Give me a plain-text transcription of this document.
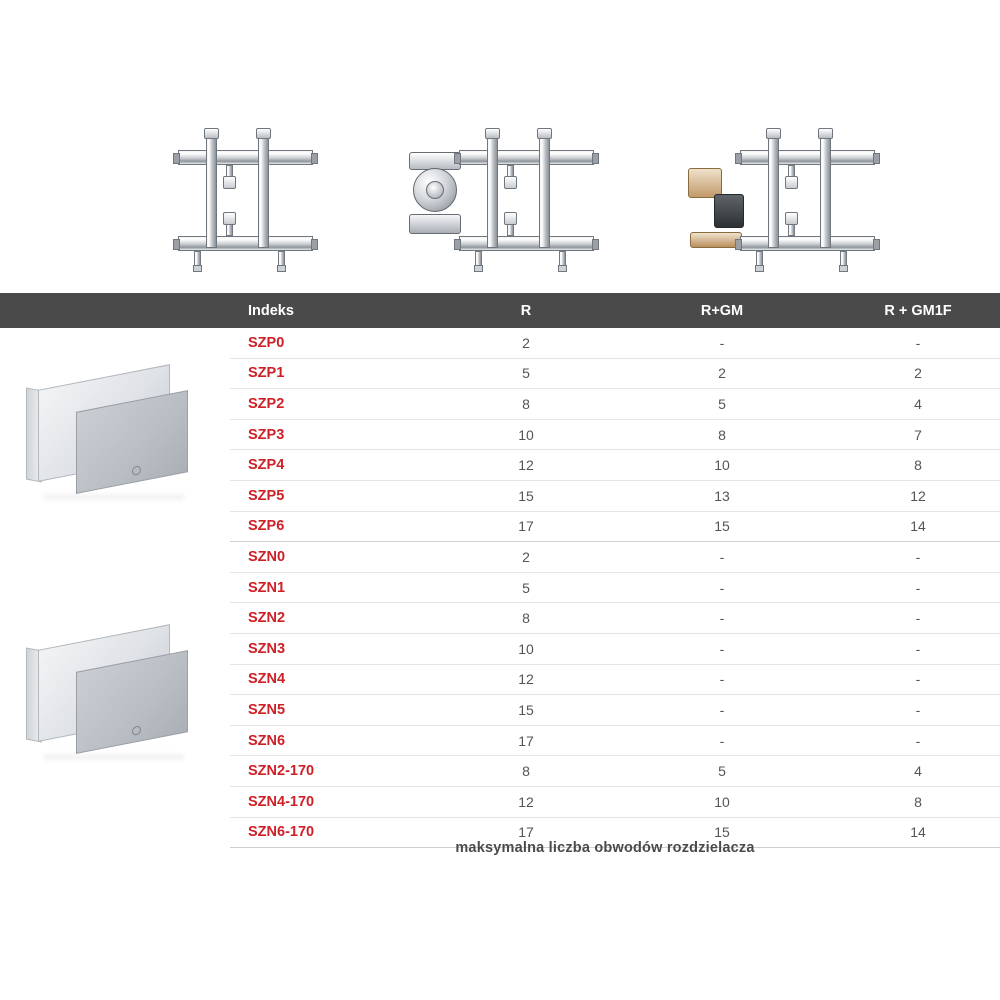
	Indeks	R	R+GM	R + GM1F

	SZP0	2	-	-
	SZP1	5	2	2
	SZP2	8	5	4
	SZP3	10	8	7
	SZP4	12	10	8
	SZP5	15	13	12
	SZP6	17	15	14

	SZN0	2	-	-
	SZN1	5	-	-
	SZN2	8	-	-
	SZN3	10	-	-
	SZN4	12	-	-
	SZN5	15	-	-
	SZN6	17	-	-
	SZN2-170	8	5	4
	SZN4-170	12	10	8
	SZN6-170	17	15	14
maksymalna liczba obwodów rozdzielacza
